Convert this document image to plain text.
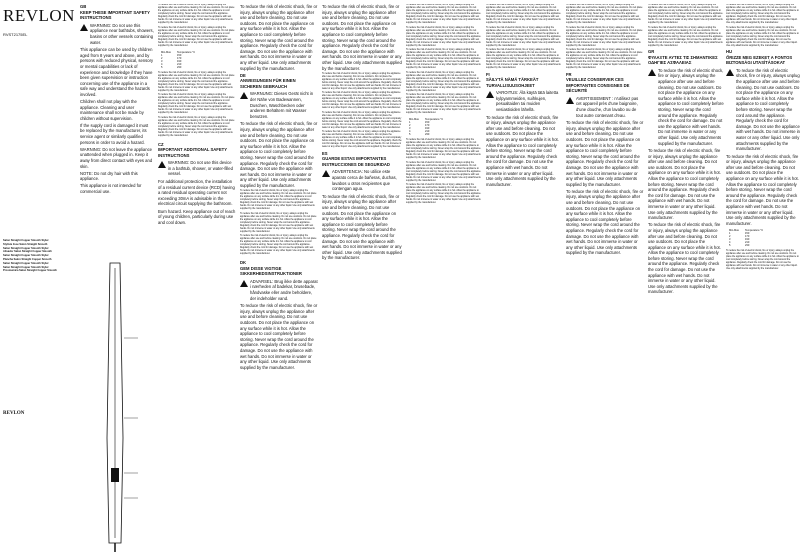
REVLON
RVST2175EL
Salon Straight Copper Smooth Styler
Styliste lisse Salon Straight Smooth
Salon Straight Copper Smooth Styler
Alisador Salon Straight Copper Smooth
Salon Straight Copper Smooth Styler
Plancha Salon Straight Copper Smooth
Salon Straight Copper Smooth Styler
Salon Straight Copper Smooth Styler
Prostownica Salon Straight Copper Smooth
REVLON
GB
KEEP THESE IMPORTANT SAFETY INSTRUCTIONS
WARNING: Do not use this appliance near bathtubs, showers, basins or other vessels containing water.

This appliance can be used by children aged from 8 years and above, and by persons with reduced physical, sensory or mental capabilities or lack of experience and knowledge if they have been given supervision or instruction concerning use of the appliance in a safe way and understand the hazards involved.

Children shall not play with the appliance. Cleaning and user maintenance shall not be made by children without supervision.

If the supply cord is damaged it must be replaced by the manufacturer, its service agent or similarly qualified persons in order to avoid a hazard.

WARNING: Do not leave the appliance unattended when plugged in. Keep it away from direct contact with eyes and skin.

NOTE: Do not dry hair with this appliance.

This appliance is not intended for commercial use.

To reduce the risk of electric shock, fire or injury, always unplug the appliance after use and before cleaning. Do not use outdoors. Do not place the appliance on any surface while it is hot. Allow the appliance to cool completely before storing. Never wrap the cord around the appliance. Regularly check the cord for damage. Do not use the appliance with wet hands. Do not immerse in water or any other liquid. Use only attachments supplied by the manufacturer.

To reduce the risk of electric shock, fire or injury, always unplug the appliance after use and before cleaning. Do not use outdoors. Do not place the appliance on any surface while it is hot. Allow the appliance to cool completely before storing. Never wrap the cord around the appliance. Regularly check the cord for damage. Do not use the appliance with wet hands. Do not immerse in water or any other liquid. Use only attachments supplied by the manufacturer.

Min-Max	Temperature °C
1	150
2	170
3	190
4	210
5	230

To reduce the risk of electric shock, fire or injury, always unplug the appliance after use and before cleaning. Do not use outdoors. Do not place the appliance on any surface while it is hot. Allow the appliance to cool completely before storing. Never wrap the cord around the appliance. Regularly check the cord for damage. Do not use the appliance with wet hands. Do not immerse in water or any other liquid. Use only attachments supplied by the manufacturer.

To reduce the risk of electric shock, fire or injury, always unplug the appliance after use and before cleaning. Do not use outdoors. Do not place the appliance on any surface while it is hot. Allow the appliance to cool completely before storing. Never wrap the cord around the appliance. Regularly check the cord for damage. Do not use the appliance with wet hands. Do not immerse in water or any other liquid. Use only attachments supplied by the manufacturer.

To reduce the risk of electric shock, fire or injury, always unplug the appliance after use and before cleaning. Do not use outdoors. Do not place the appliance on any surface while it is hot. Allow the appliance to cool completely before storing. Never wrap the cord around the appliance. Regularly check the cord for damage. Do not use the appliance with wet hands. Do not immerse in water or any other liquid. Use only attachments supplied by the manufacturer.

CZ
IMPORTANT ADDITIONAL SAFETY INSTRUCTIONS
WARNING: Do not use this device in a bathtub, shower, or water-filled vessel.

For additional protection, the installation of a residual current device (RCD) having a rated residual operating current not exceeding 30mA is advisable in the electrical circuit supplying the bathroom.

Burn hazard. Keep appliance out of reach of young children, particularly during use and cool down.

To reduce the risk of electric shock, fire or injury, always unplug the appliance after use and before cleaning. Do not use outdoors. Do not place the appliance on any surface while it is hot. Allow the appliance to cool completely before storing. Never wrap the cord around the appliance. Regularly check the cord for damage. Do not use the appliance with wet hands. Do not immerse in water or any other liquid. Use only attachments supplied by the manufacturer.

DE
ANWEISUNGEN FÜR EINEN SICHEREN GEBRAUCH
WARNUNG: Dieses Gerät nicht in der Nähe von Badewannen, Duschen, Waschbecken oder anderen Behältern mit Wasser benutzen.

To reduce the risk of electric shock, fire or injury, always unplug the appliance after use and before cleaning. Do not use outdoors. Do not place the appliance on any surface while it is hot. Allow the appliance to cool completely before storing. Never wrap the cord around the appliance. Regularly check the cord for damage. Do not use the appliance with wet hands. Do not immerse in water or any other liquid. Use only attachments supplied by the manufacturer.

To reduce the risk of electric shock, fire or injury, always unplug the appliance after use and before cleaning. Do not use outdoors. Do not place the appliance on any surface while it is hot. Allow the appliance to cool completely before storing. Never wrap the cord around the appliance. Regularly check the cord for damage. Do not use the appliance with wet hands. Do not immerse in water or any other liquid. Use only attachments supplied by the manufacturer.

To reduce the risk of electric shock, fire or injury, always unplug the appliance after use and before cleaning. Do not use outdoors. Do not place the appliance on any surface while it is hot. Allow the appliance to cool completely before storing. Never wrap the cord around the appliance. Regularly check the cord for damage. Do not use the appliance with wet hands. Do not immerse in water or any other liquid. Use only attachments supplied by the manufacturer.

To reduce the risk of electric shock, fire or injury, always unplug the appliance after use and before cleaning. Do not use outdoors. Do not place the appliance on any surface while it is hot. Allow the appliance to cool completely before storing. Never wrap the cord around the appliance. Regularly check the cord for damage. Do not use the appliance with wet hands. Do not immerse in water or any other liquid. Use only attachments supplied by the manufacturer.

DK
GEM DISSE VIGTIGE SIKKERHEDSINSTRUKTIONER
ADVARSEL: Brug ikke dette apparat i nærheden af badekar, brusebade, håndvaske eller andre beholdere, der indeholder vand.

To reduce the risk of electric shock, fire or injury, always unplug the appliance after use and before cleaning. Do not use outdoors. Do not place the appliance on any surface while it is hot. Allow the appliance to cool completely before storing. Never wrap the cord around the appliance. Regularly check the cord for damage. Do not use the appliance with wet hands. Do not immerse in water or any other liquid. Use only attachments supplied by the manufacturer.

To reduce the risk of electric shock, fire or injury, always unplug the appliance after use and before cleaning. Do not use outdoors. Do not place the appliance on any surface while it is hot. Allow the appliance to cool completely before storing. Never wrap the cord around the appliance. Regularly check the cord for damage. Do not use the appliance with wet hands. Do not immerse in water or any other liquid. Use only attachments supplied by the manufacturer.

To reduce the risk of electric shock, fire or injury, always unplug the appliance after use and before cleaning. Do not use outdoors. Do not place the appliance on any surface while it is hot. Allow the appliance to cool completely before storing. Never wrap the cord around the appliance. Regularly check the cord for damage. Do not use the appliance with wet hands. Do not immerse in water or any other liquid. Use only attachments supplied by the manufacturer.

To reduce the risk of electric shock, fire or injury, always unplug the appliance after use and before cleaning. Do not use outdoors. Do not place the appliance on any surface while it is hot. Allow the appliance to cool completely before storing. Never wrap the cord around the appliance. Regularly check the cord for damage. Do not use the appliance with wet hands. Do not immerse in water or any other liquid. Use only attachments supplied by the manufacturer.

To reduce the risk of electric shock, fire or injury, always unplug the appliance after use and before cleaning. Do not use outdoors. Do not place the appliance on any surface while it is hot. Allow the appliance to cool completely before storing. Never wrap the cord around the appliance. Regularly check the cord for damage. Do not use the appliance with wet hands. Do not immerse in water or any other liquid. Use only attachments supplied by the manufacturer.

To reduce the risk of electric shock, fire or injury, always unplug the appliance after use and before cleaning. Do not use outdoors. Do not place the appliance on any surface while it is hot. Allow the appliance to cool completely before storing. Never wrap the cord around the appliance. Regularly check the cord for damage. Do not use the appliance with wet hands. Do not immerse in water or any other liquid. Use only attachments supplied by the manufacturer.

ES
GUARDE ESTAS IMPORTANTES INSTRUCCIONES DE SEGURIDAD
ADVERTENCIA: No utilice este aparato cerca de bañeras, duchas, lavabos u otros recipientes que contengan agua.

To reduce the risk of electric shock, fire or injury, always unplug the appliance after use and before cleaning. Do not use outdoors. Do not place the appliance on any surface while it is hot. Allow the appliance to cool completely before storing. Never wrap the cord around the appliance. Regularly check the cord for damage. Do not use the appliance with wet hands. Do not immerse in water or any other liquid. Use only attachments supplied by the manufacturer.

To reduce the risk of electric shock, fire or injury, always unplug the appliance after use and before cleaning. Do not use outdoors. Do not place the appliance on any surface while it is hot. Allow the appliance to cool completely before storing. Never wrap the cord around the appliance. Regularly check the cord for damage. Do not use the appliance with wet hands. Do not immerse in water or any other liquid. Use only attachments supplied by the manufacturer.

To reduce the risk of electric shock, fire or injury, always unplug the appliance after use and before cleaning. Do not use outdoors. Do not place the appliance on any surface while it is hot. Allow the appliance to cool completely before storing. Never wrap the cord around the appliance. Regularly check the cord for damage. Do not use the appliance with wet hands. Do not immerse in water or any other liquid. Use only attachments supplied by the manufacturer.

To reduce the risk of electric shock, fire or injury, always unplug the appliance after use and before cleaning. Do not use outdoors. Do not place the appliance on any surface while it is hot. Allow the appliance to cool completely before storing. Never wrap the cord around the appliance. Regularly check the cord for damage. Do not use the appliance with wet hands. Do not immerse in water or any other liquid. Use only attachments supplied by the manufacturer.

To reduce the risk of electric shock, fire or injury, always unplug the appliance after use and before cleaning. Do not use outdoors. Do not place the appliance on any surface while it is hot. Allow the appliance to cool completely before storing. Never wrap the cord around the appliance. Regularly check the cord for damage. Do not use the appliance with wet hands. Do not immerse in water or any other liquid. Use only attachments supplied by the manufacturer.

To reduce the risk of electric shock, fire or injury, always unplug the appliance after use and before cleaning. Do not use outdoors. Do not place the appliance on any surface while it is hot. Allow the appliance to cool completely before storing. Never wrap the cord around the appliance. Regularly check the cord for damage. Do not use the appliance with wet hands. Do not immerse in water or any other liquid. Use only attachments supplied by the manufacturer.

Min-Max	Temperature °C
1	150
2	170
3	190
4	210
5	230

To reduce the risk of electric shock, fire or injury, always unplug the appliance after use and before cleaning. Do not use outdoors. Do not place the appliance on any surface while it is hot. Allow the appliance to cool completely before storing. Never wrap the cord around the appliance. Regularly check the cord for damage. Do not use the appliance with wet hands. Do not immerse in water or any other liquid. Use only attachments supplied by the manufacturer.

To reduce the risk of electric shock, fire or injury, always unplug the appliance after use and before cleaning. Do not use outdoors. Do not place the appliance on any surface while it is hot. Allow the appliance to cool completely before storing. Never wrap the cord around the appliance. Regularly check the cord for damage. Do not use the appliance with wet hands. Do not immerse in water or any other liquid. Use only attachments supplied by the manufacturer.

To reduce the risk of electric shock, fire or injury, always unplug the appliance after use and before cleaning. Do not use outdoors. Do not place the appliance on any surface while it is hot. Allow the appliance to cool completely before storing. Never wrap the cord around the appliance. Regularly check the cord for damage. Do not use the appliance with wet hands. Do not immerse in water or any other liquid. Use only attachments supplied by the manufacturer.

To reduce the risk of electric shock, fire or injury, always unplug the appliance after use and before cleaning. Do not use outdoors. Do not place the appliance on any surface while it is hot. Allow the appliance to cool completely before storing. Never wrap the cord around the appliance. Regularly check the cord for damage. Do not use the appliance with wet hands. Do not immerse in water or any other liquid. Use only attachments supplied by the manufacturer.

To reduce the risk of electric shock, fire or injury, always unplug the appliance after use and before cleaning. Do not use outdoors. Do not place the appliance on any surface while it is hot. Allow the appliance to cool completely before storing. Never wrap the cord around the appliance. Regularly check the cord for damage. Do not use the appliance with wet hands. Do not immerse in water or any other liquid. Use only attachments supplied by the manufacturer.

To reduce the risk of electric shock, fire or injury, always unplug the appliance after use and before cleaning. Do not use outdoors. Do not place the appliance on any surface while it is hot. Allow the appliance to cool completely before storing. Never wrap the cord around the appliance. Regularly check the cord for damage. Do not use the appliance with wet hands. Do not immerse in water or any other liquid. Use only attachments supplied by the manufacturer.

FI
SÄILYTÄ NÄMÄ TÄRKEÄT TURVALLISUUSOHJEET
VAROITUS: Älä käytä tätä laitetta kylpyammeiden, suihkujen, pesualtaiden tai muiden vesiastioiden lähellä.

To reduce the risk of electric shock, fire or injury, always unplug the appliance after use and before cleaning. Do not use outdoors. Do not place the appliance on any surface while it is hot. Allow the appliance to cool completely before storing. Never wrap the cord around the appliance. Regularly check the cord for damage. Do not use the appliance with wet hands. Do not immerse in water or any other liquid. Use only attachments supplied by the manufacturer.

To reduce the risk of electric shock, fire or injury, always unplug the appliance after use and before cleaning. Do not use outdoors. Do not place the appliance on any surface while it is hot. Allow the appliance to cool completely before storing. Never wrap the cord around the appliance. Regularly check the cord for damage. Do not use the appliance with wet hands. Do not immerse in water or any other liquid. Use only attachments supplied by the manufacturer.

To reduce the risk of electric shock, fire or injury, always unplug the appliance after use and before cleaning. Do not use outdoors. Do not place the appliance on any surface while it is hot. Allow the appliance to cool completely before storing. Never wrap the cord around the appliance. Regularly check the cord for damage. Do not use the appliance with wet hands. Do not immerse in water or any other liquid. Use only attachments supplied by the manufacturer.

To reduce the risk of electric shock, fire or injury, always unplug the appliance after use and before cleaning. Do not use outdoors. Do not place the appliance on any surface while it is hot. Allow the appliance to cool completely before storing. Never wrap the cord around the appliance. Regularly check the cord for damage. Do not use the appliance with wet hands. Do not immerse in water or any other liquid. Use only attachments supplied by the manufacturer.

FR
VEUILLEZ CONSERVER CES IMPORTANTES CONSIGNES DE SÉCURITÉ
AVERTISSEMENT : n'utilisez pas cet appareil près d'une baignoire, d'une douche, d'un lavabo ou de tout autre contenant d'eau.

To reduce the risk of electric shock, fire or injury, always unplug the appliance after use and before cleaning. Do not use outdoors. Do not place the appliance on any surface while it is hot. Allow the appliance to cool completely before storing. Never wrap the cord around the appliance. Regularly check the cord for damage. Do not use the appliance with wet hands. Do not immerse in water or any other liquid. Use only attachments supplied by the manufacturer.

To reduce the risk of electric shock, fire or injury, always unplug the appliance after use and before cleaning. Do not use outdoors. Do not place the appliance on any surface while it is hot. Allow the appliance to cool completely before storing. Never wrap the cord around the appliance. Regularly check the cord for damage. Do not use the appliance with wet hands. Do not immerse in water or any other liquid. Use only attachments supplied by the manufacturer.

To reduce the risk of electric shock, fire or injury, always unplug the appliance after use and before cleaning. Do not use outdoors. Do not place the appliance on any surface while it is hot. Allow the appliance to cool completely before storing. Never wrap the cord around the appliance. Regularly check the cord for damage. Do not use the appliance with wet hands. Do not immerse in water or any other liquid. Use only attachments supplied by the manufacturer.

To reduce the risk of electric shock, fire or injury, always unplug the appliance after use and before cleaning. Do not use outdoors. Do not place the appliance on any surface while it is hot. Allow the appliance to cool completely before storing. Never wrap the cord around the appliance. Regularly check the cord for damage. Do not use the appliance with wet hands. Do not immerse in water or any other liquid. Use only attachments supplied by the manufacturer.

GR
ΦΥΛΑΞΤΕ ΑΥΤΕΣ ΤΙΣ ΣΗΜΑΝΤΙΚΕΣ ΟΔΗΓΙΕΣ ΑΣΦΑΛΕΙΑΣ
To reduce the risk of electric shock, fire or injury, always unplug the appliance after use and before cleaning. Do not use outdoors. Do not place the appliance on any surface while it is hot. Allow the appliance to cool completely before storing. Never wrap the cord around the appliance. Regularly check the cord for damage. Do not use the appliance with wet hands. Do not immerse in water or any other liquid. Use only attachments supplied by the manufacturer.

To reduce the risk of electric shock, fire or injury, always unplug the appliance after use and before cleaning. Do not use outdoors. Do not place the appliance on any surface while it is hot. Allow the appliance to cool completely before storing. Never wrap the cord around the appliance. Regularly check the cord for damage. Do not use the appliance with wet hands. Do not immerse in water or any other liquid. Use only attachments supplied by the manufacturer.

To reduce the risk of electric shock, fire or injury, always unplug the appliance after use and before cleaning. Do not use outdoors. Do not place the appliance on any surface while it is hot. Allow the appliance to cool completely before storing. Never wrap the cord around the appliance. Regularly check the cord for damage. Do not use the appliance with wet hands. Do not immerse in water or any other liquid. Use only attachments supplied by the manufacturer.

To reduce the risk of electric shock, fire or injury, always unplug the appliance after use and before cleaning. Do not use outdoors. Do not place the appliance on any surface while it is hot. Allow the appliance to cool completely before storing. Never wrap the cord around the appliance. Regularly check the cord for damage. Do not use the appliance with wet hands. Do not immerse in water or any other liquid. Use only attachments supplied by the manufacturer.

To reduce the risk of electric shock, fire or injury, always unplug the appliance after use and before cleaning. Do not use outdoors. Do not place the appliance on any surface while it is hot. Allow the appliance to cool completely before storing. Never wrap the cord around the appliance. Regularly check the cord for damage. Do not use the appliance with wet hands. Do not immerse in water or any other liquid. Use only attachments supplied by the manufacturer.

HU
ŐRIZZE MEG EZEKET A FONTOS BIZTONSÁGI UTASÍTÁSOKAT
To reduce the risk of electric shock, fire or injury, always unplug the appliance after use and before cleaning. Do not use outdoors. Do not place the appliance on any surface while it is hot. Allow the appliance to cool completely before storing. Never wrap the cord around the appliance. Regularly check the cord for damage. Do not use the appliance with wet hands. Do not immerse in water or any other liquid. Use only attachments supplied by the manufacturer.

To reduce the risk of electric shock, fire or injury, always unplug the appliance after use and before cleaning. Do not use outdoors. Do not place the appliance on any surface while it is hot. Allow the appliance to cool completely before storing. Never wrap the cord around the appliance. Regularly check the cord for damage. Do not use the appliance with wet hands. Do not immerse in water or any other liquid. Use only attachments supplied by the manufacturer.

Min-Max	Temperature °C
1	150
2	170
3	190
4	210
5	230

To reduce the risk of electric shock, fire or injury, always unplug the appliance after use and before cleaning. Do not use outdoors. Do not place the appliance on any surface while it is hot. Allow the appliance to cool completely before storing. Never wrap the cord around the appliance. Regularly check the cord for damage. Do not use the appliance with wet hands. Do not immerse in water or any other liquid. Use only attachments supplied by the manufacturer.
